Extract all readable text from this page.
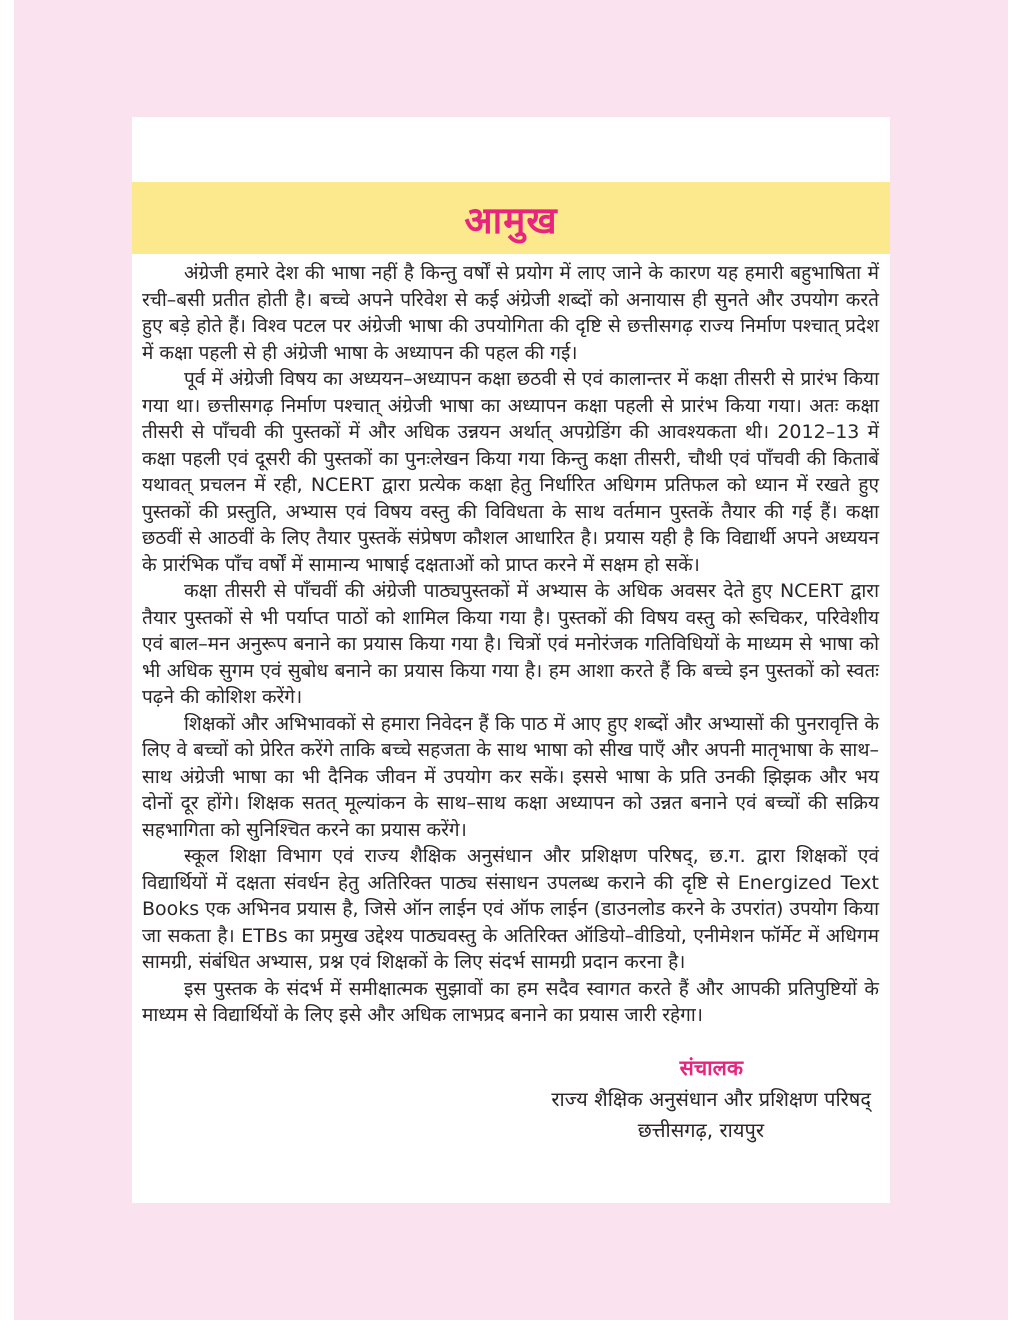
आमुख

अंग्रेजी हमारे देश की भाषा नहीं है किन्तु वर्षों से प्रयोग में लाए जाने के कारण यह हमारी बहुभाषिता में रची–बसी प्रतीत होती है। बच्चे अपने परिवेश से कई अंग्रेजी शब्दों को अनायास ही सुनते और उपयोग करते हुए बड़े होते हैं। विश्व पटल पर अंग्रेजी भाषा की उपयोगिता की दृष्टि से छत्तीसगढ़ राज्य निर्माण पश्चात् प्रदेश में कक्षा पहली से ही अंग्रेजी भाषा के अध्यापन की पहल की गई।

पूर्व में अंग्रेजी विषय का अध्ययन–अध्यापन कक्षा छठवी से एवं कालान्तर में कक्षा तीसरी से प्रारंभ किया गया था। छत्तीसगढ़ निर्माण पश्चात् अंग्रेजी भाषा का अध्यापन कक्षा पहली से प्रारंभ किया गया। अतः कक्षा तीसरी से पाँचवी की पुस्तकों में और अधिक उन्नयन अर्थात् अपग्रेडिंग की आवश्यकता थी। 2012–13 में कक्षा पहली एवं दूसरी की पुस्तकों का पुनःलेखन किया गया किन्तु कक्षा तीसरी, चौथी एवं पाँचवी की किताबें यथावत् प्रचलन में रही, NCERT द्वारा प्रत्येक कक्षा हेतु निर्धारित अधिगम प्रतिफल को ध्यान में रखते हुए पुस्तकों की प्रस्तुति, अभ्यास एवं विषय वस्तु की विविधता के साथ वर्तमान पुस्तकें तैयार की गई हैं। कक्षा छठवीं से आठवीं के लिए तैयार पुस्तकें संप्रेषण कौशल आधारित है। प्रयास यही है कि विद्यार्थी अपने अध्ययन के प्रारंभिक पाँच वर्षों में सामान्य भाषाई दक्षताओं को प्राप्त करने में सक्षम हो सकें।

कक्षा तीसरी से पाँचवीं की अंग्रेजी पाठ्यपुस्तकों में अभ्यास के अधिक अवसर देते हुए NCERT द्वारा तैयार पुस्तकों से भी पर्याप्त पाठों को शामिल किया गया है। पुस्तकों की विषय वस्तु को रूचिकर, परिवेशीय एवं बाल–मन अनुरूप बनाने का प्रयास किया गया है। चित्रों एवं मनोरंजक गतिविधियों के माध्यम से भाषा को भी अधिक सुगम एवं सुबोध बनाने का प्रयास किया गया है। हम आशा करते हैं कि बच्चे इन पुस्तकों को स्वतः पढ़ने की कोशिश करेंगे।

शिक्षकों और अभिभावकों से हमारा निवेदन हैं कि पाठ में आए हुए शब्दों और अभ्यासों की पुनरावृत्ति के लिए वे बच्चों को प्रेरित करेंगे ताकि बच्चे सहजता के साथ भाषा को सीख पाएँ और अपनी मातृभाषा के साथ–साथ अंग्रेजी भाषा का भी दैनिक जीवन में उपयोग कर सकें। इससे भाषा के प्रति उनकी झिझक और भय दोनों दूर होंगे। शिक्षक सतत् मूल्यांकन के साथ–साथ कक्षा अध्यापन को उन्नत बनाने एवं बच्चों की सक्रिय सहभागिता को सुनिश्चित करने का प्रयास करेंगे।

स्कूल शिक्षा विभाग एवं राज्य शैक्षिक अनुसंधान और प्रशिक्षण परिषद्, छ.ग. द्वारा शिक्षकों एवं विद्यार्थियों में दक्षता संवर्धन हेतु अतिरिक्त पाठ्य संसाधन उपलब्ध कराने की दृष्टि से Energized Text Books एक अभिनव प्रयास है, जिसे ऑन लाईन एवं ऑफ लाईन (डाउनलोड करने के उपरांत) उपयोग किया जा सकता है। ETBs का प्रमुख उद्देश्य पाठ्यवस्तु के अतिरिक्त ऑडियो–वीडियो, एनीमेशन फॉर्मेट में अधिगम सामग्री, संबंधित अभ्यास, प्रश्न एवं शिक्षकों के लिए संदर्भ सामग्री प्रदान करना है।

इस पुस्तक के संदर्भ में समीक्षात्मक सुझावों का हम सदैव स्वागत करते हैं और आपकी प्रतिपुष्टियों के माध्यम से विद्यार्थियों के लिए इसे और अधिक लाभप्रद बनाने का प्रयास जारी रहेगा।

संचालक
राज्य शैक्षिक अनुसंधान और प्रशिक्षण परिषद्
छत्तीसगढ़, रायपुर
